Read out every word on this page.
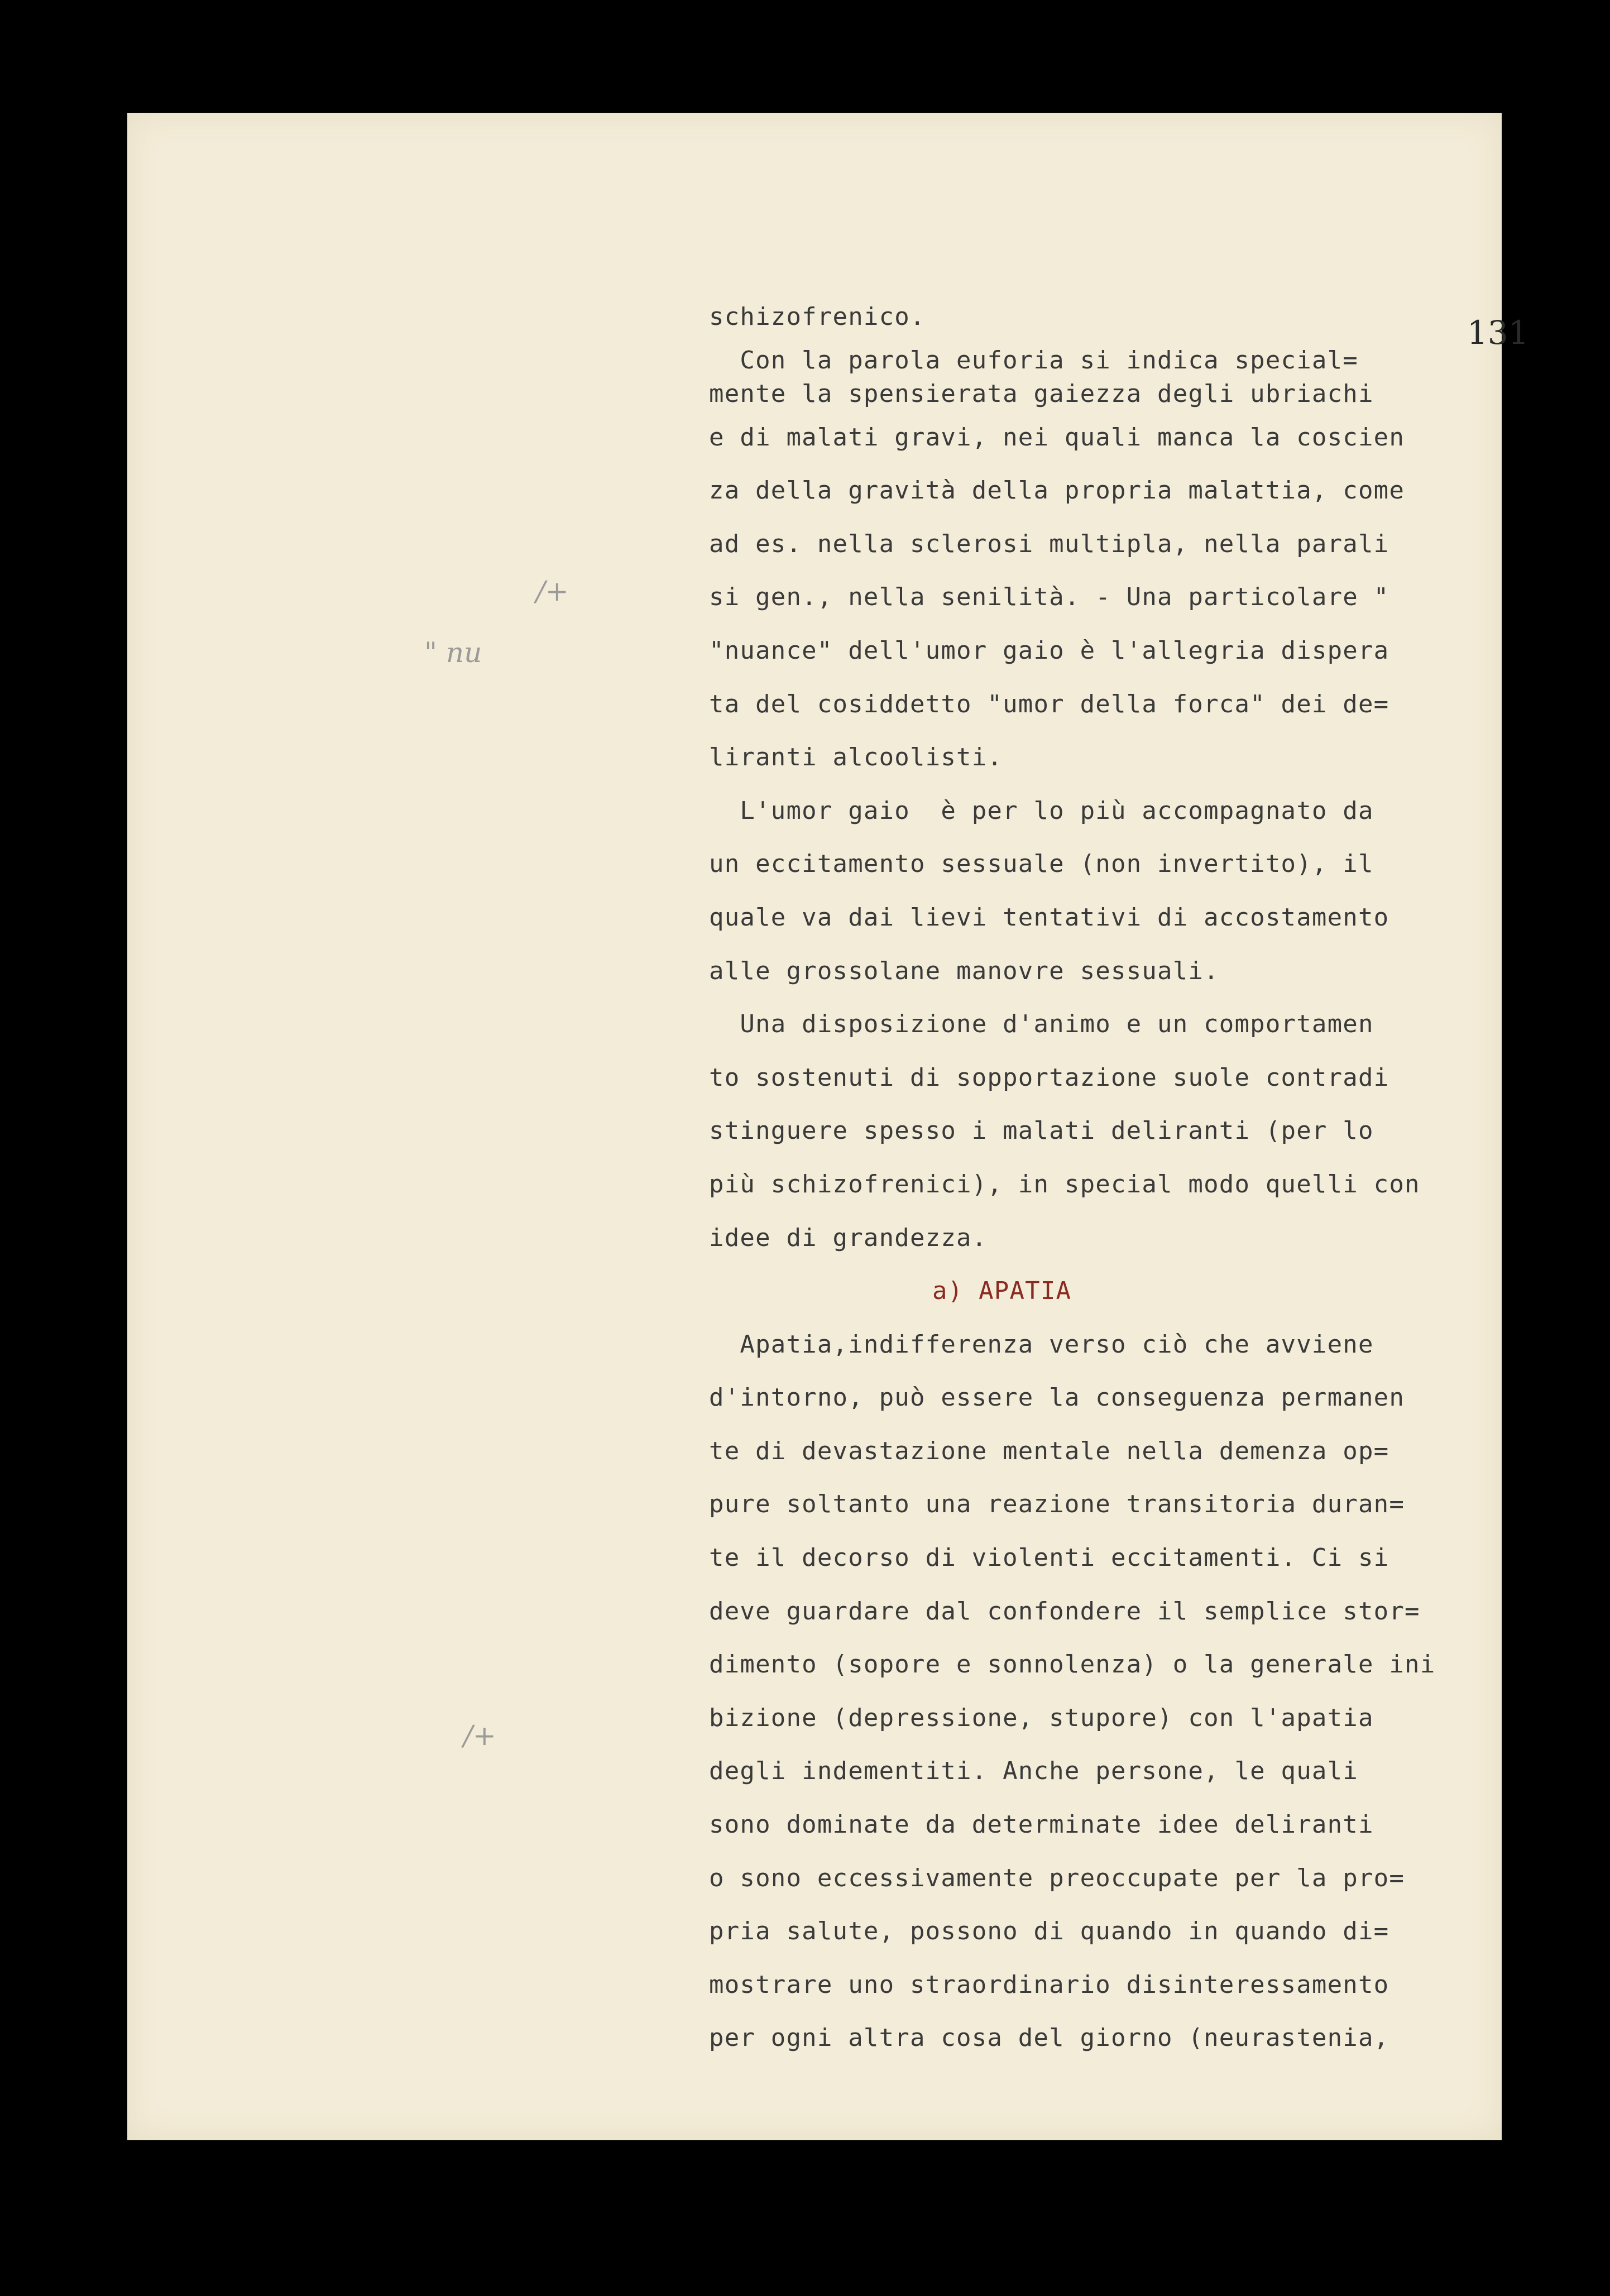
131
/+
" nu
/+
schizofrenico.
Con la parola euforia si indica special=
mente la spensierata gaiezza degli ubriachi
e di malati gravi, nei quali manca la coscien
za della gravità della propria malattia, come
ad es. nella sclerosi multipla, nella parali
si gen., nella senilità. - Una particolare "
"nuance" dell'umor gaio è l'allegria dispera
ta del cosiddetto "umor della forca" dei de=
liranti alcoolisti.
L'umor gaio  è per lo più accompagnato da
un eccitamento sessuale (non invertito), il
quale va dai lievi tentativi di accostamento
alle grossolane manovre sessuali.
Una disposizione d'animo e un comportamen
to sostenuti di sopportazione suole contradi
stinguere spesso i malati deliranti (per lo
più schizofrenici), in special modo quelli con
idee di grandezza.
a) APATIA
Apatia,indifferenza verso ciò che avviene
d'intorno, può essere la conseguenza permanen
te di devastazione mentale nella demenza op=
pure soltanto una reazione transitoria duran=
te il decorso di violenti eccitamenti. Ci si
deve guardare dal confondere il semplice stor=
dimento (sopore e sonnolenza) o la generale ini
bizione (depressione, stupore) con l'apatia
degli indementiti. Anche persone, le quali
sono dominate da determinate idee deliranti
o sono eccessivamente preoccupate per la pro=
pria salute, possono di quando in quando di=
mostrare uno straordinario disinteressamento
per ogni altra cosa del giorno (neurastenia,
